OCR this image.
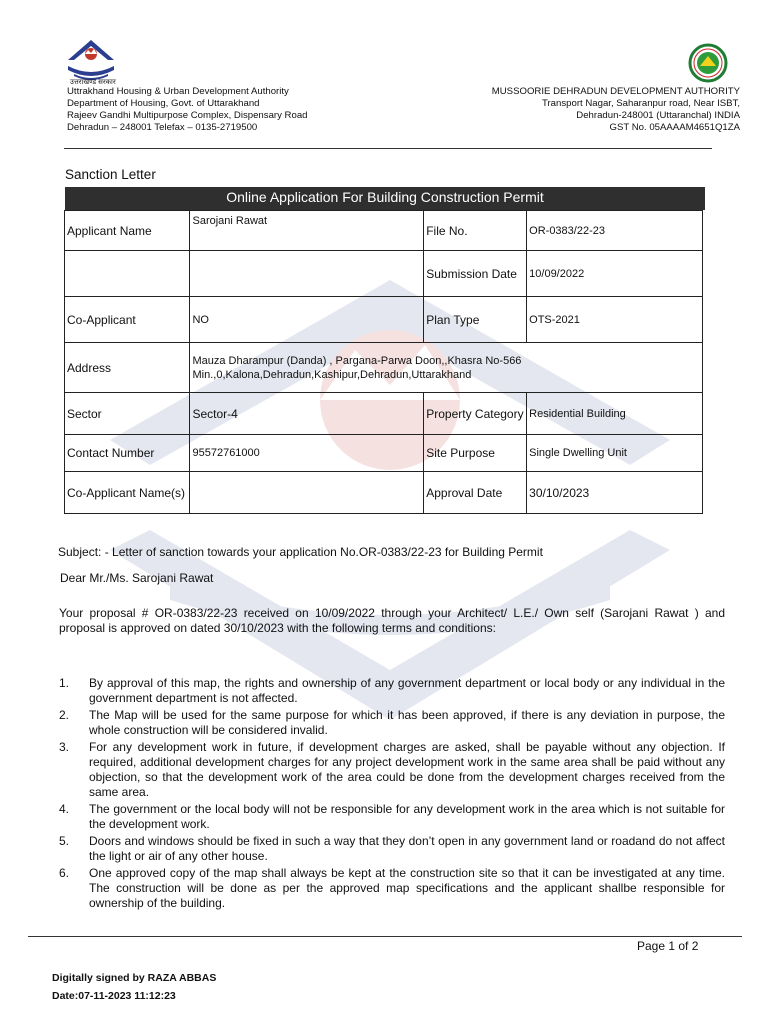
उत्तराखण्ड सरकार
Uttrakhand Housing & Urban Development Authority
Department of Housing, Govt. of Uttarakhand
Rajeev Gandhi Multipurpose Complex, Dispensary Road
Dehradun – 248001 Telefax – 0135-2719500
MUSSOORIE DEHRADUN DEVELOPMENT AUTHORITY
Transport Nagar, Saharanpur road, Near ISBT,
Dehradun-248001 (Uttaranchal) INDIA
GST No. 05AAAAM4651Q1ZA
Sanction Letter
Online Application For Building Construction Permit
Applicant Name	Sarojani Rawat	File No.	OR-0383/22-23
		Submission Date	10/09/2022
Co-Applicant	NO	Plan Type	OTS-2021
Address	Mauza Dharampur (Danda) , Pargana-Parwa Doon,,Khasra No-566 Min.,0,Kalona,Dehradun,Kashipur,Dehradun,Uttarakhand		
Sector	Sector-4	Property Category	Residential Building
Contact Number	95572761000	Site Purpose	Single Dwelling Unit
Co-Applicant Name(s)		Approval Date	30/10/2023
Subject: - Letter of sanction towards your application No.OR-0383/22-23 for Building Permit
Dear Mr./Ms. Sarojani Rawat
Your proposal # OR-0383/22-23 received on 10/09/2022 through your Architect/ L.E./ Own self (Sarojani Rawat ) and proposal is approved on dated 30/10/2023 with the following terms and conditions:
1. By approval of this map, the rights and ownership of any government department or local body or any individual in the government department is not affected.
2. The Map will be used for the same purpose for which it has been approved, if there is any deviation in purpose, the whole construction will be considered invalid.
3. For any development work in future, if development charges are asked, shall be payable without any objection. If required, additional development charges for any project development work in the same area shall be paid without any objection, so that the development work of the area could be done from the development charges received from the same area.
4. The government or the local body will not be responsible for any development work in the area which is not suitable for the development work.
5. Doors and windows should be fixed in such a way that they don’t open in any government land or roadand do not affect the light or air of any other house.
6. One approved copy of the map shall always be kept at the construction site so that it can be investigated at any time. The construction will be done as per the approved map specifications and the applicant shallbe responsible for ownership of the building.
Page 1 of 2
Digitally signed by RAZA ABBAS
Date:07-11-2023 11:12:23
